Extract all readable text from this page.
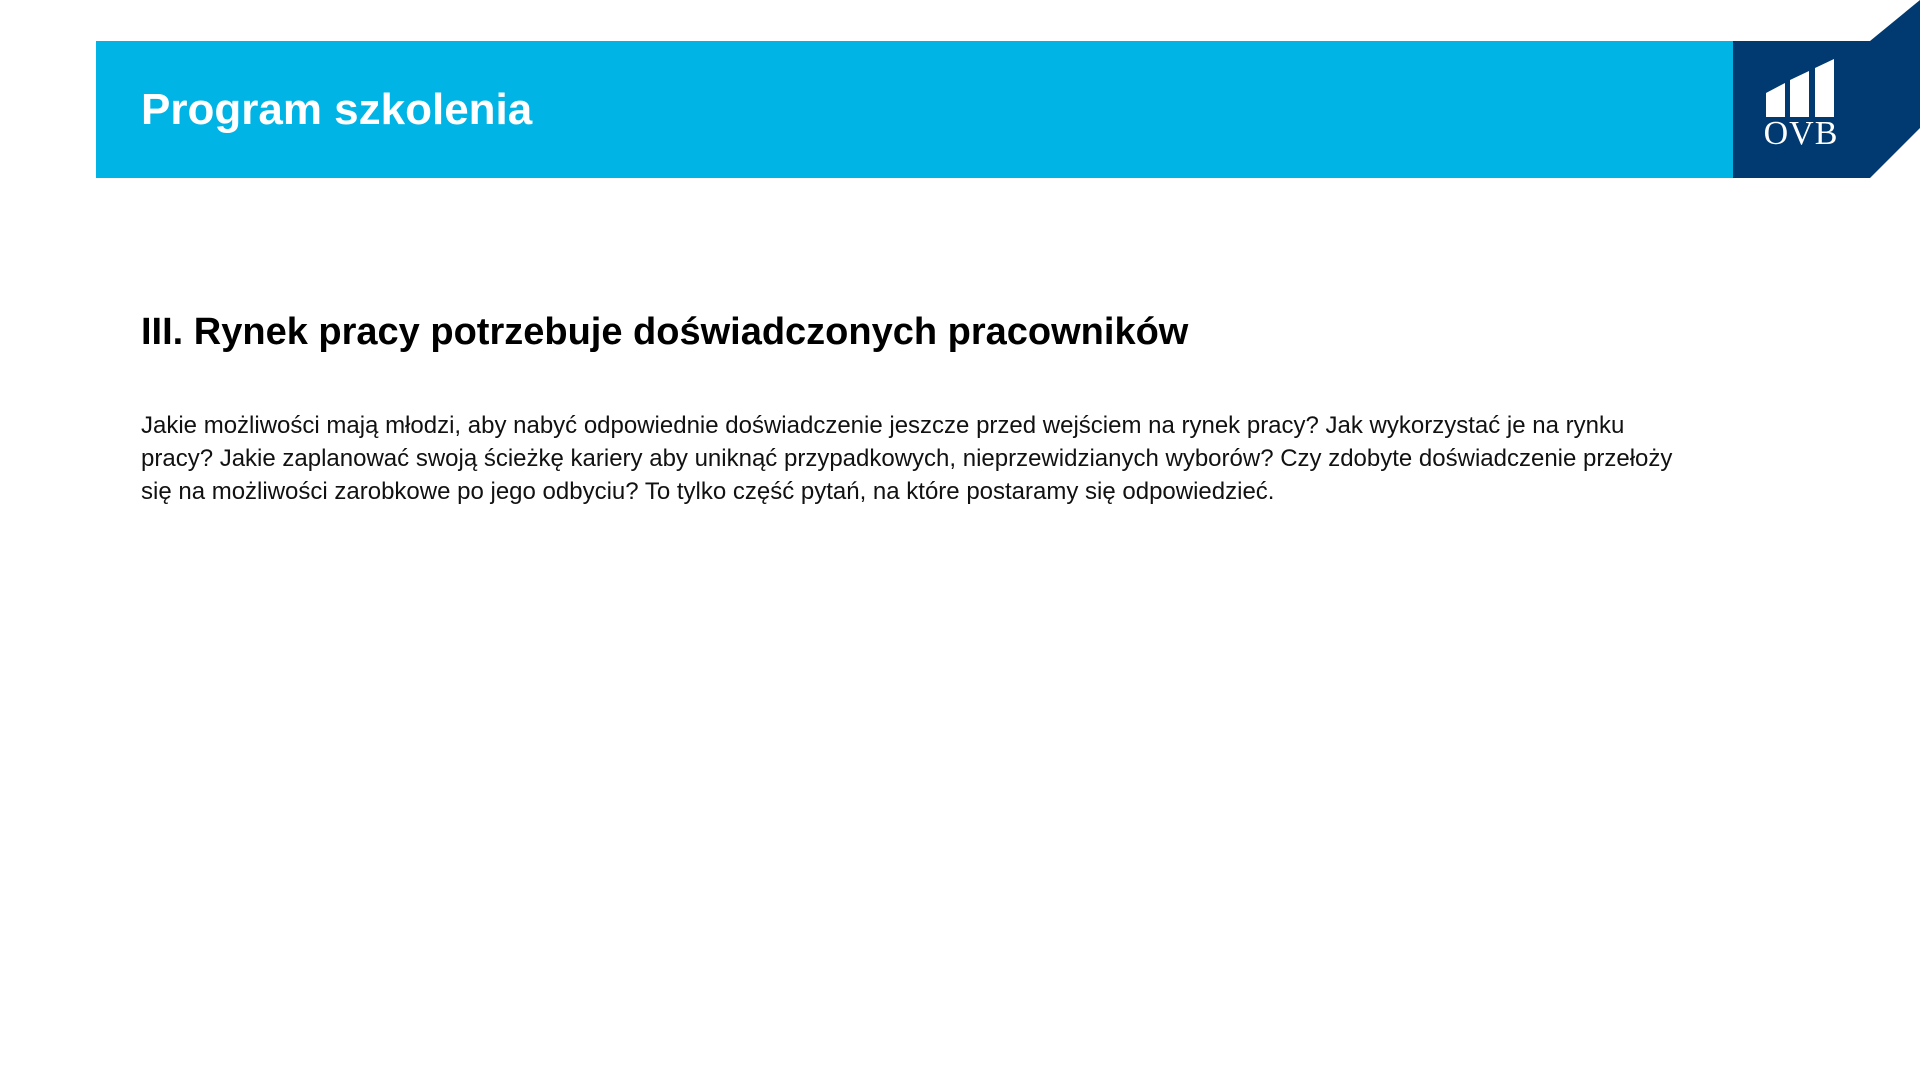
Program szkolenia	OVB
III. Rynek pracy potrzebuje doświadczonych pracowników

Jakie możliwości mają młodzi, aby nabyć odpowiednie doświadczenie jeszcze przed wejściem na rynek pracy? Jak wykorzystać je na rynku pracy? Jakie zaplanować swoją ścieżkę kariery aby uniknąć przypadkowych, nieprzewidzianych wyborów? Czy zdobyte doświadczenie przełoży się na możliwości zarobkowe po jego odbyciu? To tylko część pytań, na które postaramy się odpowiedzieć.
